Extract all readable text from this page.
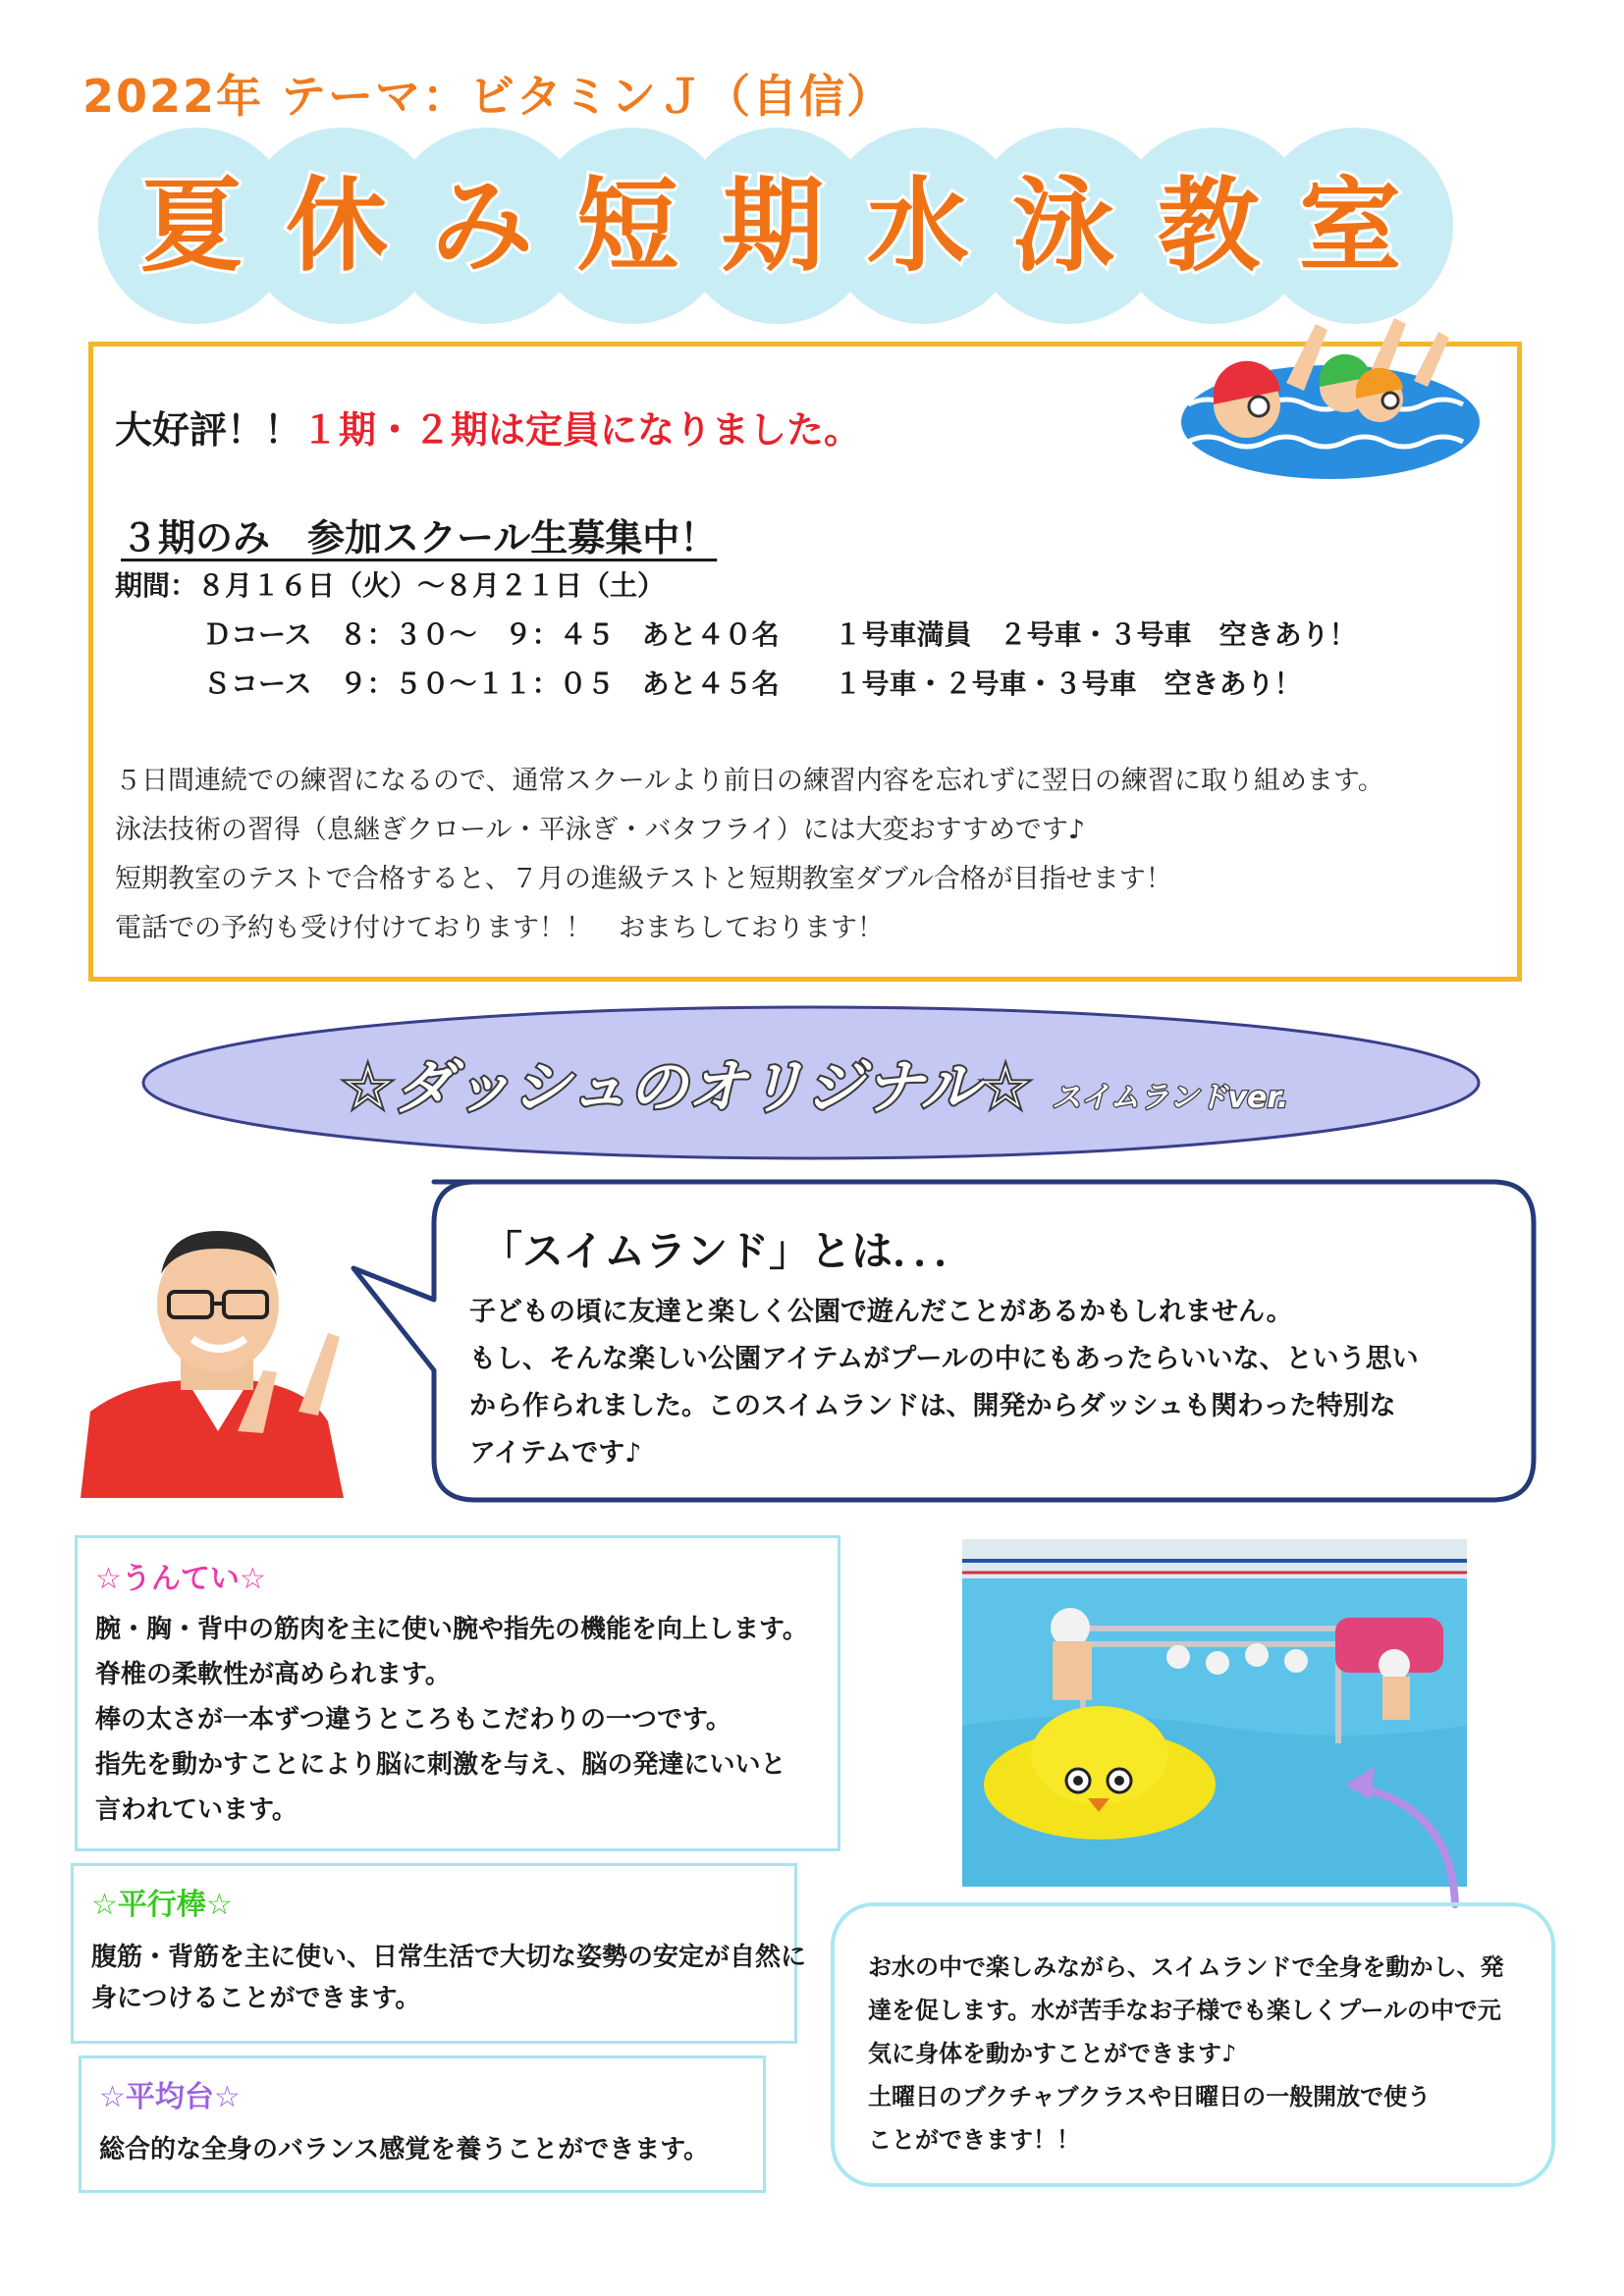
2022年 テーマ：ビタミンＪ（自信）
夏 休 み 短 期 水 泳 教 室
大好評！！１期・２期は定員になりました。
３期のみ　参加スクール生募集中！
期間：８月１６日（火）～８月２１日（土）
Ｄコース　８：３０～　９：４５　あと４０名　　１号車満員　２号車・３号車　空きあり！
Ｓコース　９：５０～１１：０５　あと４５名　　１号車・２号車・３号車　空きあり！
５日間連続での練習になるので、通常スクールより前日の練習内容を忘れずに翌日の練習に取り組めます。
泳法技術の習得（息継ぎクロール・平泳ぎ・バタフライ）には大変おすすめです♪
短期教室のテストで合格すると、７月の進級テストと短期教室ダブル合格が目指せます！
電話での予約も受け付けております！！　おまちしております！
☆ダッシュのオリジナル☆ スイムランドver.
「スイムランド」とは．．．
子どもの頃に友達と楽しく公園で遊んだことがあるかもしれません。
もし、そんな楽しい公園アイテムがプールの中にもあったらいいな、という思い
から作られました。このスイムランドは、開発からダッシュも関わった特別な
アイテムです♪
☆うんてい☆
腕・胸・背中の筋肉を主に使い腕や指先の機能を向上します。
脊椎の柔軟性が高められます。
棒の太さが一本ずつ違うところもこだわりの一つです。
指先を動かすことにより脳に刺激を与え、脳の発達にいいと
言われています。
☆平行棒☆
腹筋・背筋を主に使い、日常生活で大切な姿勢の安定が自然に
身につけることができます。
☆平均台☆
総合的な全身のバランス感覚を養うことができます。
お水の中で楽しみながら、スイムランドで全身を動かし、発
達を促します。水が苦手なお子様でも楽しくプールの中で元
気に身体を動かすことができます♪
土曜日のブクチャブクラスや日曜日の一般開放で使う
ことができます！！
